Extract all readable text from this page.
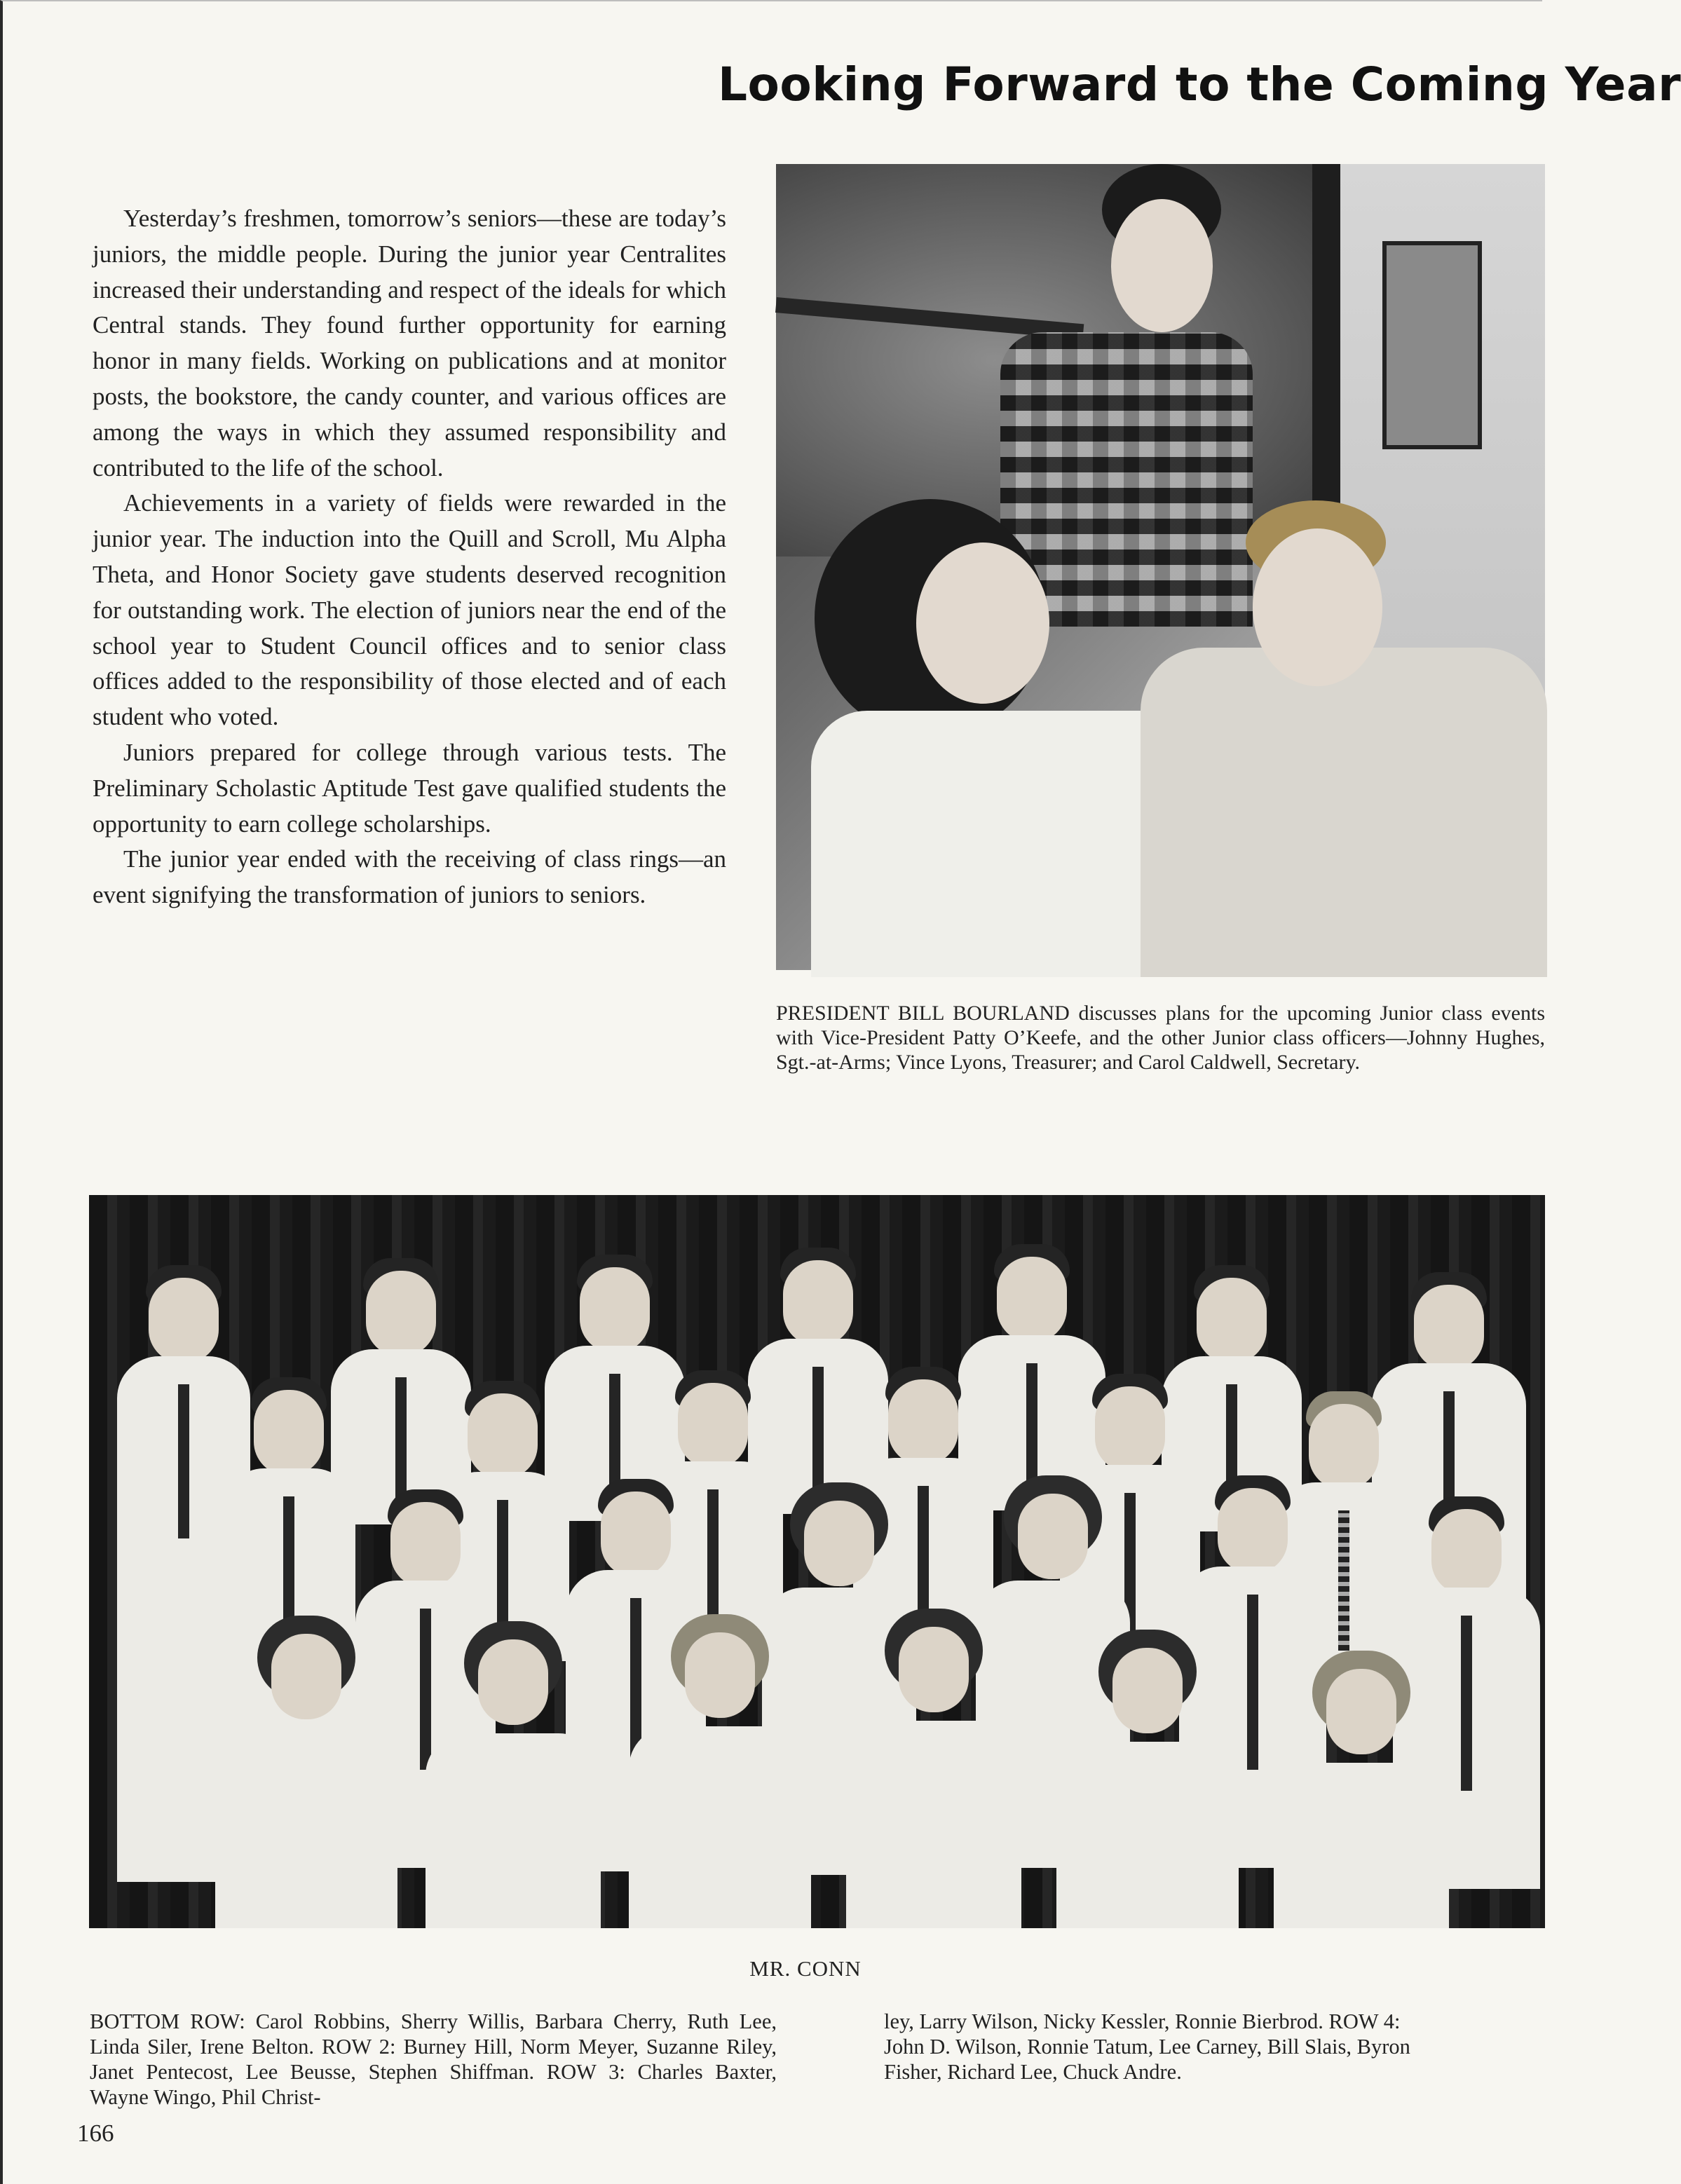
Looking Forward to the Coming Year

Yesterday’s freshmen, tomorrow’s seniors—these are today’s juniors, the middle people. During the junior year Centralites increased their understanding and respect of the ideals for which Central stands. They found further opportunity for earning honor in many fields. Working on publications and at monitor posts, the bookstore, the candy counter, and various offices are among the ways in which they assumed responsibility and contributed to the life of the school.

Achievements in a variety of fields were rewarded in the junior year. The induction into the Quill and Scroll, Mu Alpha Theta, and Honor Society gave students deserved recognition for outstanding work. The election of juniors near the end of the school year to Student Council offices and to senior class offices added to the responsibility of those elected and of each student who voted.

Juniors prepared for college through various tests. The Preliminary Scholastic Aptitude Test gave qualified students the opportunity to earn college scholarships.

The junior year ended with the receiving of class rings—an event signifying the transformation of juniors to seniors.

PRESIDENT BILL BOURLAND discusses plans for the upcoming Junior class events with Vice-President Patty O’Keefe, and the other Junior class officers—Johnny Hughes, Sgt.-at-Arms; Vince Lyons, Treasurer; and Carol Caldwell, Secretary.
MR. CONN
BOTTOM ROW: Carol Robbins, Sherry Willis, Barbara Cherry, Ruth Lee, Linda Siler, Irene Belton. ROW 2: Burney Hill, Norm Meyer, Suzanne Riley, Janet Pentecost, Lee Beusse, Stephen Shiffman. ROW 3: Charles Baxter, Wayne Wingo, Phil Christ-
ley, Larry Wilson, Nicky Kessler, Ronnie Bierbrod. ROW 4:
John D. Wilson, Ronnie Tatum, Lee Carney, Bill Slais, Byron
Fisher, Richard Lee, Chuck Andre.
166
